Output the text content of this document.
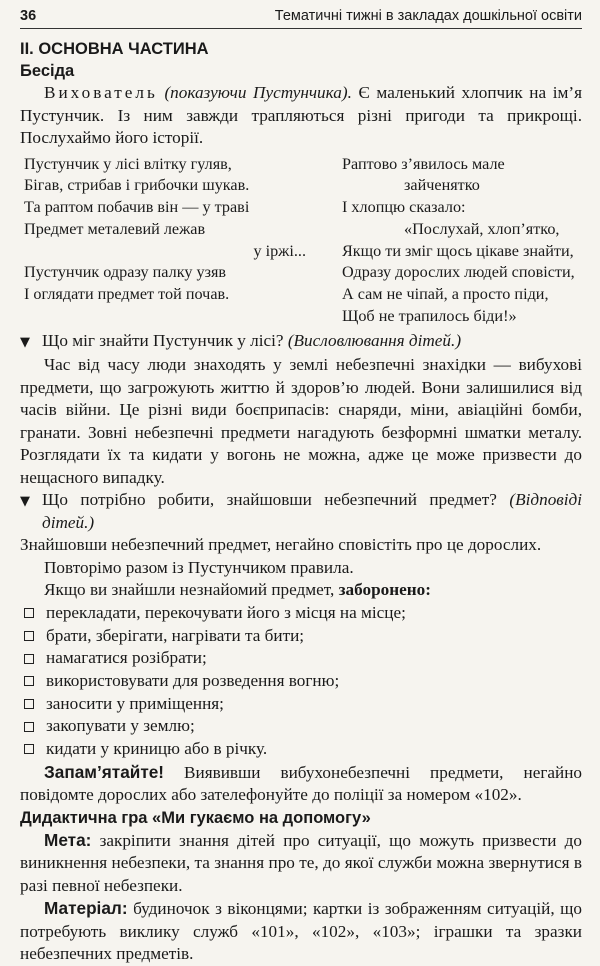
36	Тематичні тижні в закладах дошкільної освіти

II. ОСНОВНА ЧАСТИНА

Бесіда

Вихователь (показуючи Пустунчика). Є маленький хлопчик на ім’я Пустунчик. Із ним завжди трапляються різні пригоди та прикрощі. Послухаймо його історії.

Пустунчик у лісі влітку гуляв,
Бігав, стрибав і грибочки шукав.
Та раптом побачив він — у траві
Предмет металевий лежав
у іржі...
Пустунчик одразу палку узяв
І оглядати предмет той почав.
Раптово з’явилось мале
зайченятко
І хлопцю сказало:
«Послухай, хлоп’ятко,
Якщо ти зміг щось цікаве знайти,
Одразу дорослих людей сповісти,
А сам не чіпай, а просто піди,
Щоб не трапилось біди!»
▼ Що міг знайти Пустунчик у лісі? (Висловлювання дітей.)

Час від часу люди знаходять у землі небезпечні знахідки — вибухові предмети, що загрожують життю й здоров’ю людей. Вони залишилися від часів війни. Це різні види боєприпасів: снаряди, міни, авіаційні бомби, гранати. Зовні небезпечні предмети нагадують безформні шматки металу. Розглядати їх та кидати у вогонь не можна, адже це може призвести до нещасного випадку.

▼ Що потрібно робити, знайшовши небезпечний предмет? (Відповіді дітей.)

Знайшовши небезпечний предмет, негайно сповістіть про це дорослих.

Повторімо разом із Пустунчиком правила.

Якщо ви знайшли незнайомий предмет, заборонено:

перекладати, перекочувати його з місця на місце;
брати, зберігати, нагрівати та бити;
намагатися розібрати;
використовувати для розведення вогню;
заносити у приміщення;
закопувати у землю;
кидати у криницю або в річку.

Запам’ятайте! Виявивши вибухонебезпечні предмети, негайно повідомте дорослих або зателефонуйте до поліції за номером «102».

Дидактична гра «Ми гукаємо на допомогу»

Мета: закріпити знання дітей про ситуації, що можуть призвести до виникнення небезпеки, та знання про те, до якої служби можна звернутися в разі певної небезпеки.

Матеріал: будиночок з віконцями; картки із зображенням ситуацій, що потребують виклику служб «101», «102», «103»; іграшки та зразки небезпечних предметів.
